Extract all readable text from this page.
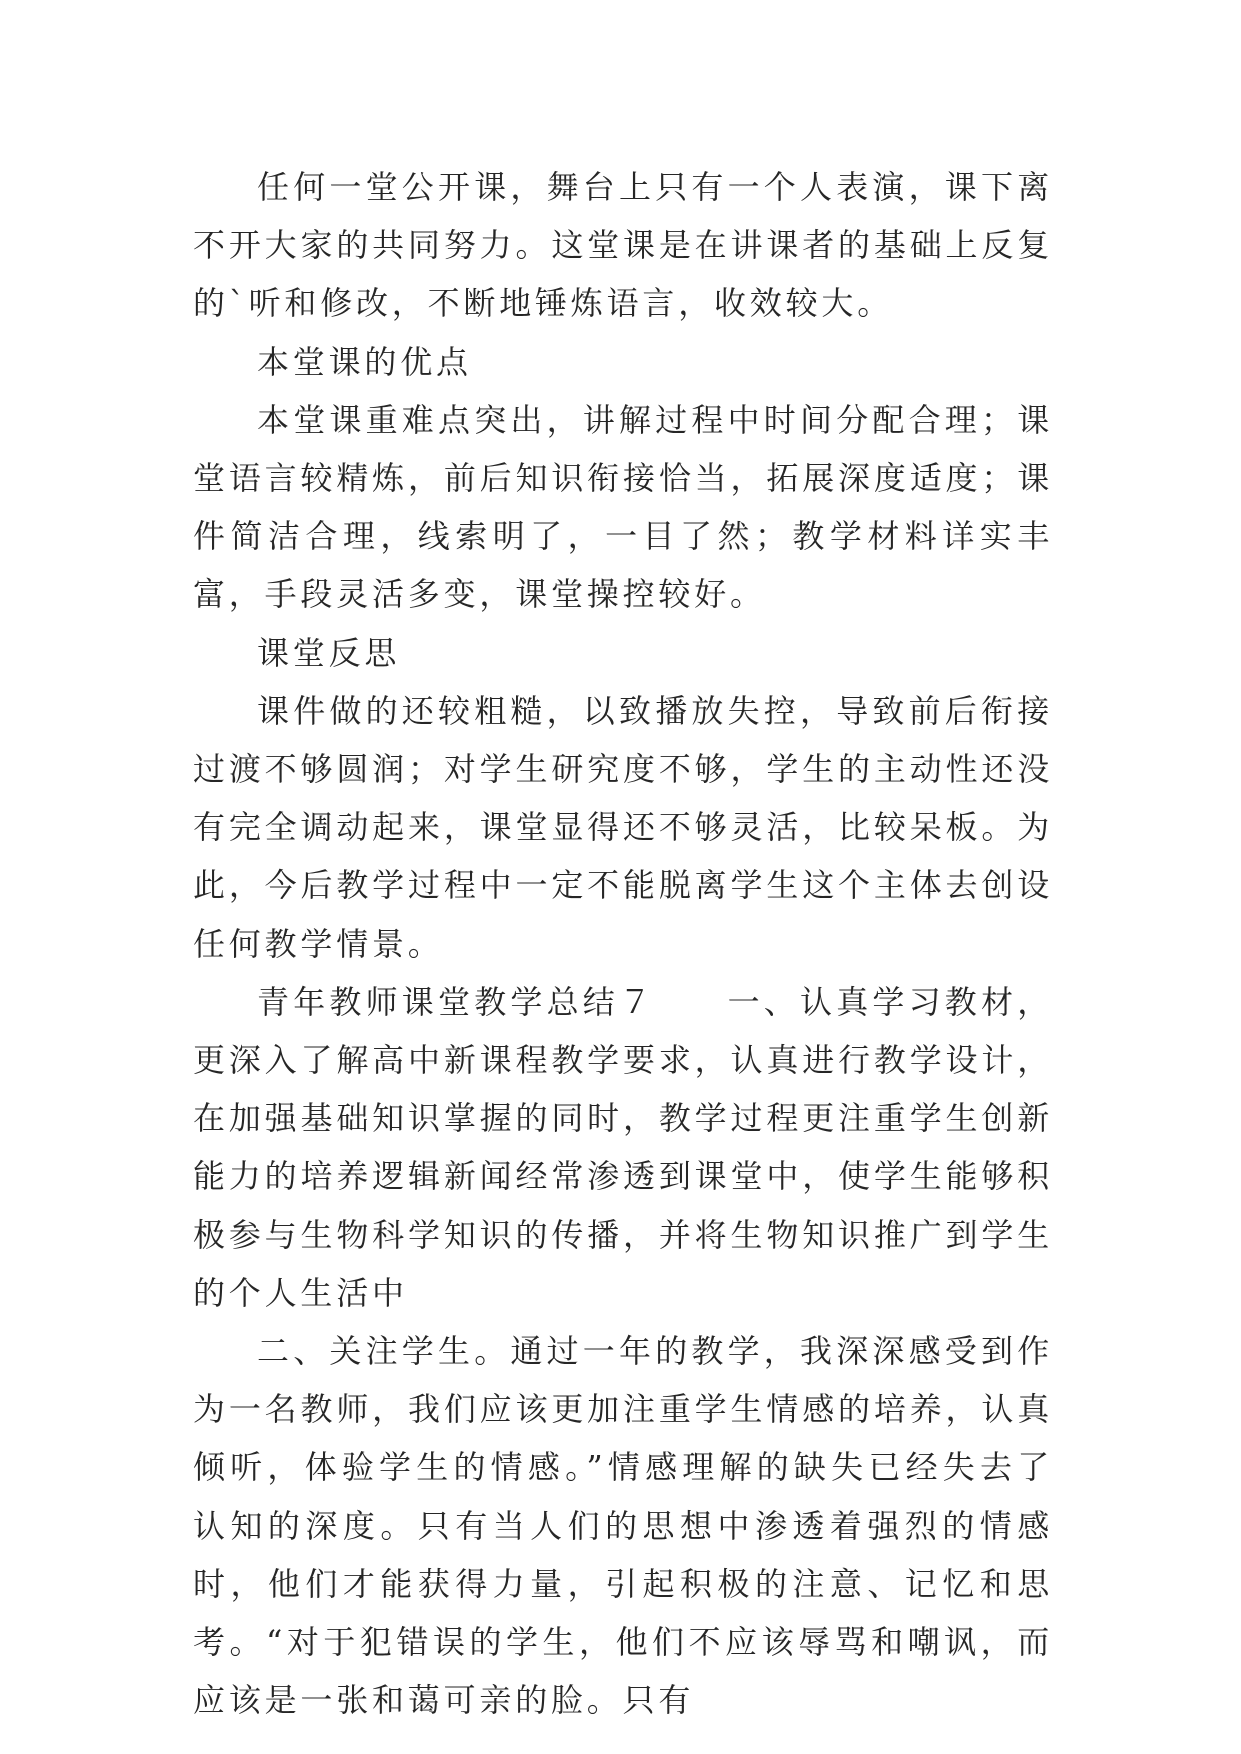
任何一堂公开课，舞台上只有一个人表演，课下离不开大家的共同努力。这堂课是在讲课者的基础上反复的`听和修改，不断地锤炼语言，收效较大。

本堂课的优点

本堂课重难点突出，讲解过程中时间分配合理；课堂语言较精炼，前后知识衔接恰当，拓展深度适度；课件简洁合理，线索明了，一目了然；教学材料详实丰富，手段灵活多变，课堂操控较好。

课堂反思

课件做的还较粗糙，以致播放失控，导致前后衔接过渡不够圆润；对学生研究度不够，学生的主动性还没有完全调动起来，课堂显得还不够灵活，比较呆板。为此，今后教学过程中一定不能脱离学生这个主体去创设任何教学情景。

青年教师课堂教学总结７　　一、认真学习教材，更深入了解高中新课程教学要求，认真进行教学设计，在加强基础知识掌握的同时，教学过程更注重学生创新能力的培养逻辑新闻经常渗透到课堂中，使学生能够积极参与生物科学知识的传播，并将生物知识推广到学生的个人生活中

二、关注学生。通过一年的教学，我深深感受到作为一名教师，我们应该更加注重学生情感的培养，认真倾听，体验学生的情感。”情感理解的缺失已经失去了认知的深度。只有当人们的思想中渗透着强烈的情感时，他们才能获得力量，引起积极的注意、记忆和思考。“对于犯错误的学生，他们不应该辱骂和嘲讽，而应该是一张和蔼可亲的脸。只有
